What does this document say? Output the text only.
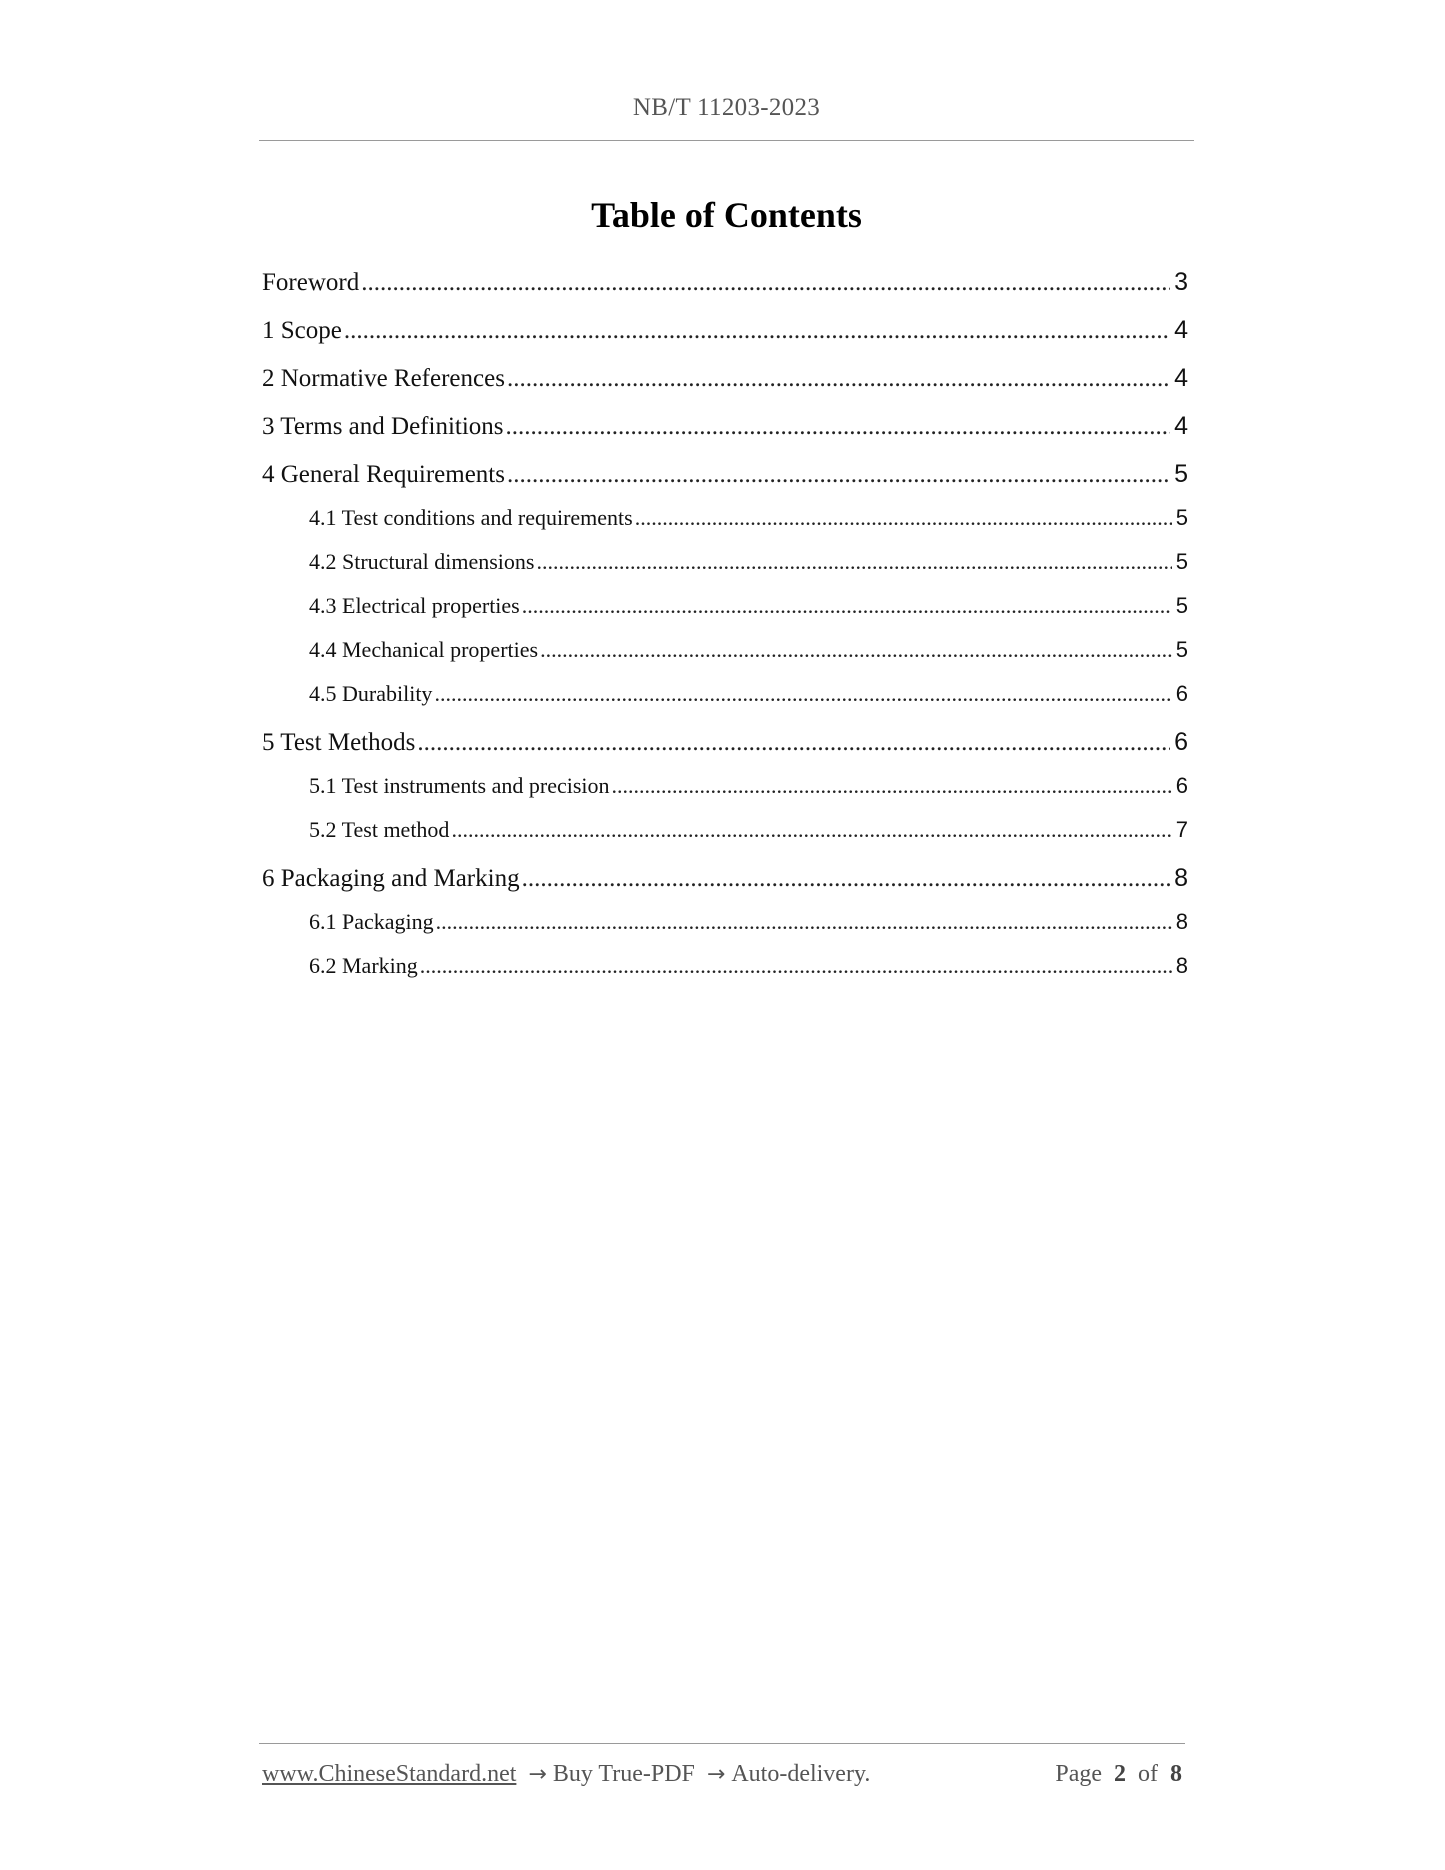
NB/T 11203-2023
Table of Contents
Foreword .....	3
1 Scope .....	4
2 Normative References .....	4
3 Terms and Definitions .....	4
4 General Requirements .....	5
4.1 Test conditions and requirements .....	5
4.2 Structural dimensions .....	5
4.3 Electrical properties .....	5
4.4 Mechanical properties .....	5
4.5 Durability .....	6
5 Test Methods .....	6
5.1 Test instruments and precision .....	6
5.2 Test method .....	7
6 Packaging and Marking .....	8
6.1 Packaging .....	8
6.2 Marking .....	8
www.ChineseStandard.net → Buy True-PDF → Auto-delivery.	Page 2 of 8
